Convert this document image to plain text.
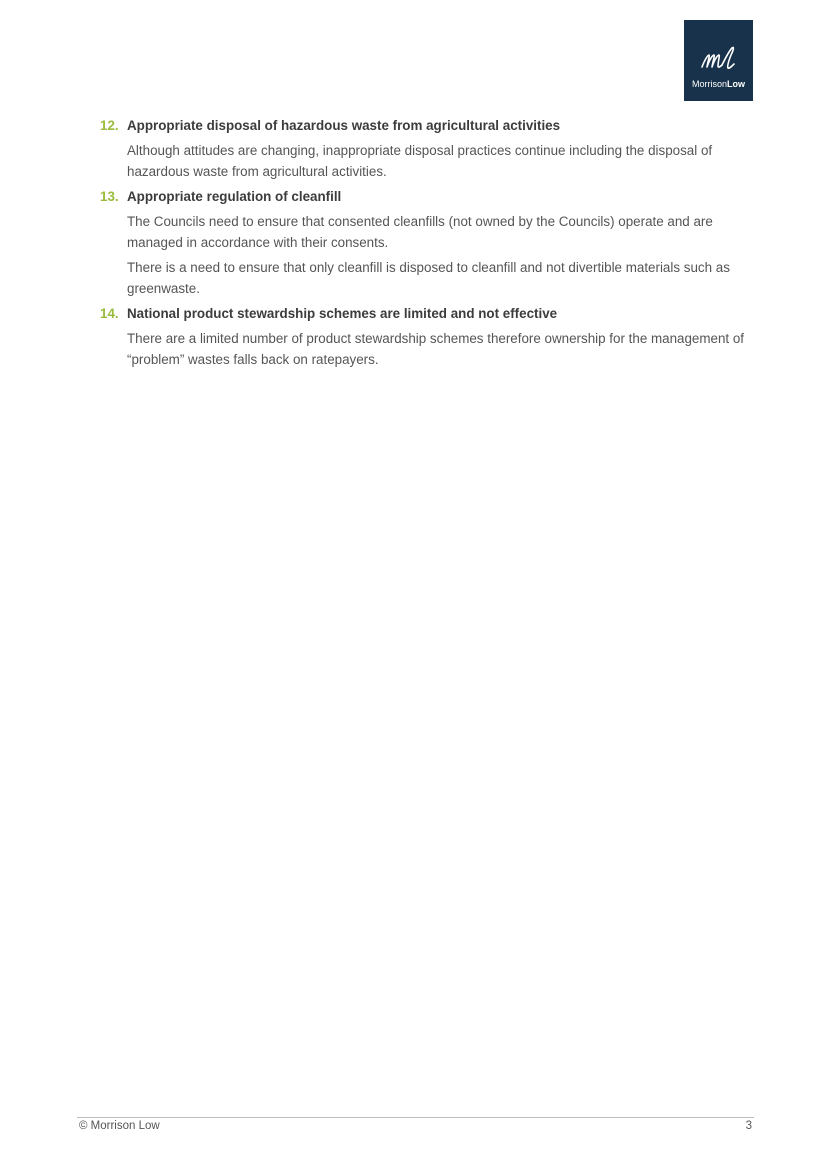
MorrisonLow
12. Appropriate disposal of hazardous waste from agricultural activities

Although attitudes are changing, inappropriate disposal practices continue including the disposal of hazardous waste from agricultural activities.

13. Appropriate regulation of cleanfill

The Councils need to ensure that consented cleanfills (not owned by the Councils) operate and are managed in accordance with their consents.

There is a need to ensure that only cleanfill is disposed to cleanfill and not divertible materials such as greenwaste.

14. National product stewardship schemes are limited and not effective

There are a limited number of product stewardship schemes therefore ownership for the management of “problem” wastes falls back on ratepayers.

© Morrison Low	3
